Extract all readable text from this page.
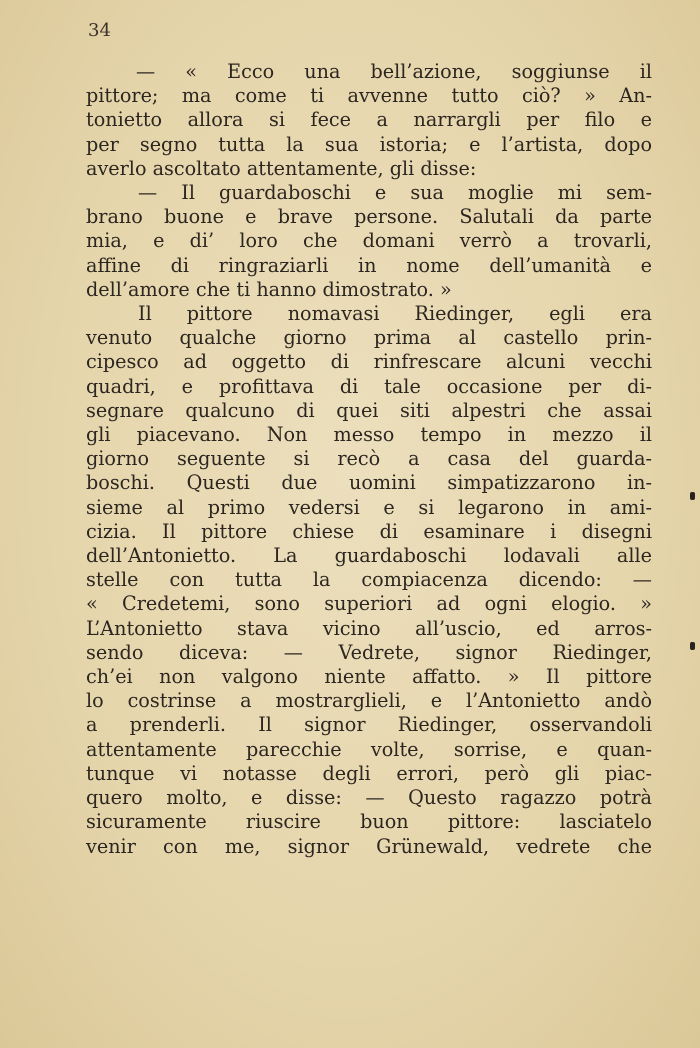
34
— « Ecco una bell’azione, soggiunse il
pittore; ma come ti avvenne tutto ciò? » An-
tonietto allora si fece a narrargli per filo e
per segno tutta la sua istoria; e l’artista, dopo
averlo ascoltato attentamente, gli disse:
— Il guardaboschi e sua moglie mi sem-
brano buone e brave persone. Salutali da parte
mia, e di’ loro che domani verrò a trovarli,
affine di ringraziarli in nome dell’umanità e
dell’amore che ti hanno dimostrato. »
Il pittore nomavasi Riedinger, egli era
venuto qualche giorno prima al castello prin-
cipesco ad oggetto di rinfrescare alcuni vecchi
quadri, e profittava di tale occasione per di-
segnare qualcuno di quei siti alpestri che assai
gli piacevano. Non messo tempo in mezzo il
giorno seguente si recò a casa del guarda-
boschi. Questi due uomini simpatizzarono in-
sieme al primo vedersi e si legarono in ami-
cizia. Il pittore chiese di esaminare i disegni
dell’Antonietto. La guardaboschi lodavali alle
stelle con tutta la compiacenza dicendo: —
« Credetemi, sono superiori ad ogni elogio. »
L’Antonietto stava vicino all’uscio, ed arros-
sendo diceva: — Vedrete, signor Riedinger,
ch’ei non valgono niente affatto. » Il pittore
lo costrinse a mostrarglieli, e l’Antonietto andò
a prenderli. Il signor Riedinger, osservandoli
attentamente parecchie volte, sorrise, e quan-
tunque vi notasse degli errori, però gli piac-
quero molto, e disse: — Questo ragazzo potrà
sicuramente riuscire buon pittore: lasciatelo
venir con me, signor Grünewald, vedrete che
